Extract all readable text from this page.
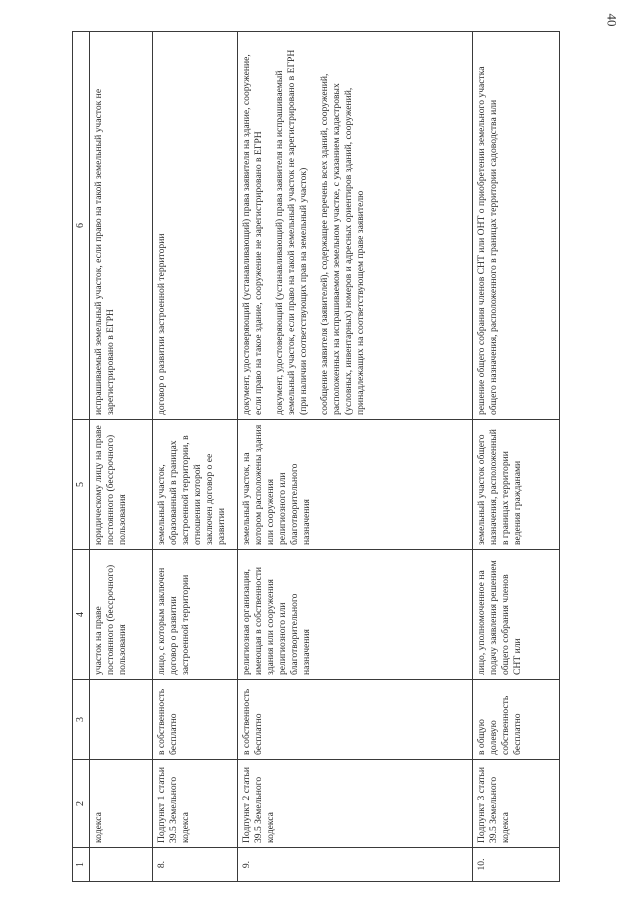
40
1	2	3	4	5	6
	кодекса		участок на праве постоянного (бессрочного) пользования	юридическому лицу на праве постоянного (бессрочного) пользования	испрашиваемый земельный участок, если право на такой земельный участок не зарегистрировано в ЕГРН

8.	Подпункт 1 статьи 39.5 Земельного кодекса	в собственность бесплатно	лицо, с которым заключен договор о развитии застроенной территории	земельный участок, образованный в границах застроенной территории, в отношении которой заключен договор о ее развитии	договор о развитии застроенной территории

9.	Подпункт 2 статьи 39.5 Земельного кодекса	в собственность бесплатно	религиозная организация, имеющая в собственности здания или сооружения религиозного или благотворительного назначения	земельный участок, на котором расположены здания или сооружения религиозного или благотворительного назначения	документ, удостоверяющий (устанавливающий) права заявителя на здание, сооружение, если право на такое здание, сооружение не зарегистрировано в ЕГРН документ, удостоверяющий (устанавливающий) права заявителя на испрашиваемый земельный участок, если право на такой земельный участок не зарегистрировано в ЕГРН (при наличии соответствующих прав на земельный участок) сообщение заявителя (заявителей), содержащее перечень всех зданий, сооружений, расположенных на испрашиваемом земельном участке, с указанием кадастровых (условных, инвентарных) номеров и адресных ориентиров зданий, сооружений, принадлежащих на соответствующем праве заявителю

10.	Подпункт 3 статьи 39.5 Земельного кодекса	в общую долевую собственность бесплатно	лицо, уполномоченное на подачу заявления решением общего собрания членов СНТ или	земельный участок общего назначения, расположенный в границах территории ведения гражданами	решение общего собрания членов СНТ или ОНТ о приобретении земельного участка общего назначения, расположенного в границах территории садоводства или
